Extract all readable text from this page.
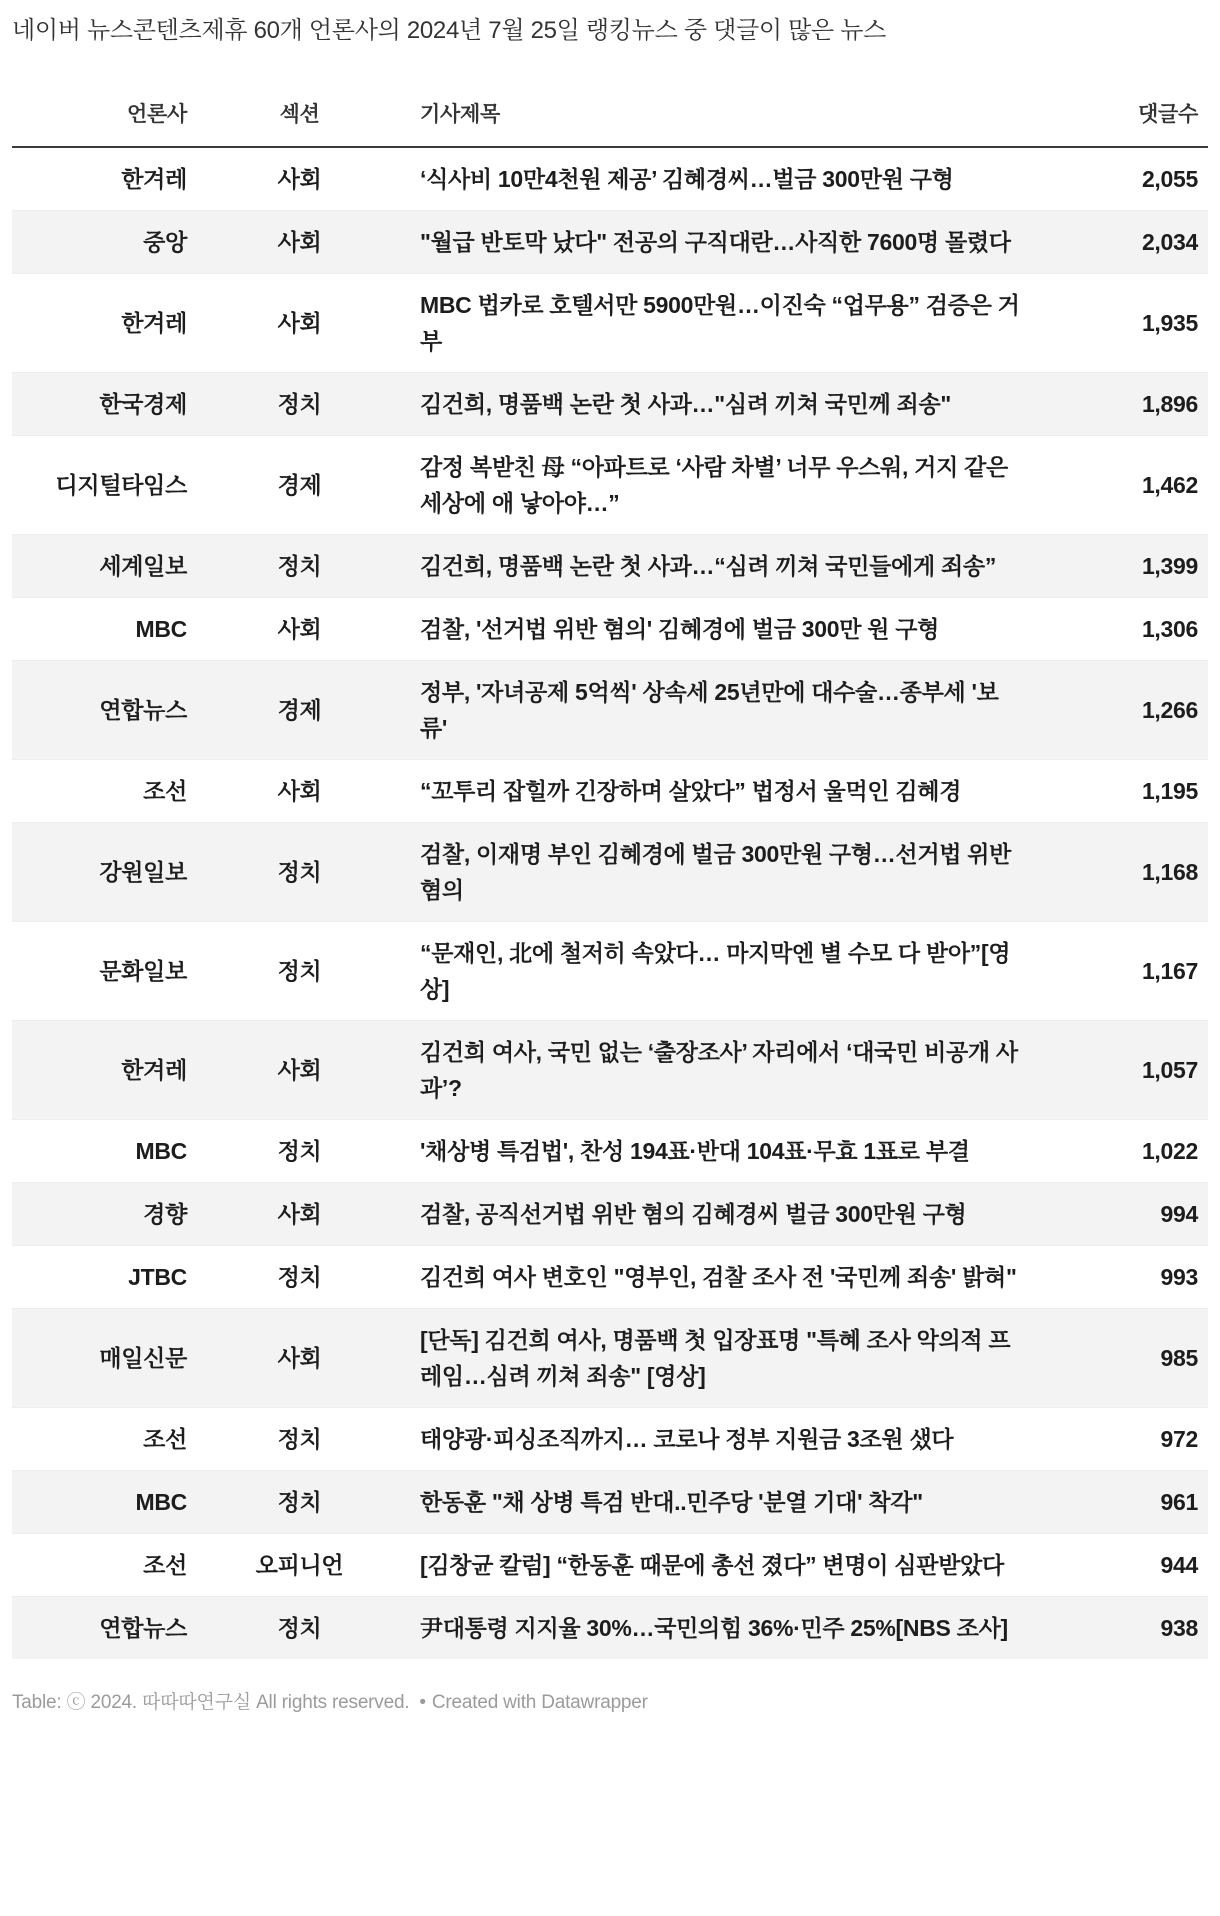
네이버 뉴스콘텐츠제휴 60개 언론사의 2024년 7월 25일 랭킹뉴스 중 댓글이 많은 뉴스
언론사	섹션	기사제목	댓글수
한겨레	사회	‘식사비 10만4천원 제공’ 김혜경씨…벌금 300만원 구형	2,055
중앙	사회	"월급 반토막 났다" 전공의 구직대란…사직한 7600명 몰렸다	2,034
한겨레	사회	MBC 법카로 호텔서만 5900만원…이진숙 “업무용” 검증은 거부	1,935
한국경제	정치	김건희, 명품백 논란 첫 사과…"심려 끼쳐 국민께 죄송"	1,896
디지털타임스	경제	감정 복받친 母 “아파트로 ‘사람 차별’ 너무 우스워, 거지 같은 세상에 애 낳아야…”	1,462
세계일보	정치	김건희, 명품백 논란 첫 사과…“심려 끼쳐 국민들에게 죄송”	1,399
MBC	사회	검찰, '선거법 위반 혐의' 김혜경에 벌금 300만 원 구형	1,306
연합뉴스	경제	정부, '자녀공제 5억씩' 상속세 25년만에 대수술…종부세 '보류'	1,266
조선	사회	“꼬투리 잡힐까 긴장하며 살았다” 법정서 울먹인 김혜경	1,195
강원일보	정치	검찰, 이재명 부인 김혜경에 벌금 300만원 구형…선거법 위반 혐의	1,168
문화일보	정치	“문재인, 北에 철저히 속았다… 마지막엔 별 수모 다 받아”[영상]	1,167
한겨레	사회	김건희 여사, 국민 없는 ‘출장조사’ 자리에서 ‘대국민 비공개 사과’?	1,057
MBC	정치	'채상병 특검법', 찬성 194표·반대 104표·무효 1표로 부결	1,022
경향	사회	검찰, 공직선거법 위반 혐의 김혜경씨 벌금 300만원 구형	994
JTBC	정치	김건희 여사 변호인 "영부인, 검찰 조사 전 '국민께 죄송' 밝혀"	993
매일신문	사회	[단독] 김건희 여사, 명품백 첫 입장표명 "특혜 조사 악의적 프레임…심려 끼쳐 죄송" [영상]	985
조선	정치	태양광·피싱조직까지… 코로나 정부 지원금 3조원 샜다	972
MBC	정치	한동훈 "채 상병 특검 반대..민주당 '분열 기대' 착각"	961
조선	오피니언	[김창균 칼럼] “한동훈 때문에 총선 졌다” 변명이 심판받았다	944
연합뉴스	정치	尹대통령 지지율 30%…국민의힘 36%·민주 25%[NBS 조사]	938
Table: ⓒ 2024. 따따따연구실 All rights reserved. • Created with Datawrapper
